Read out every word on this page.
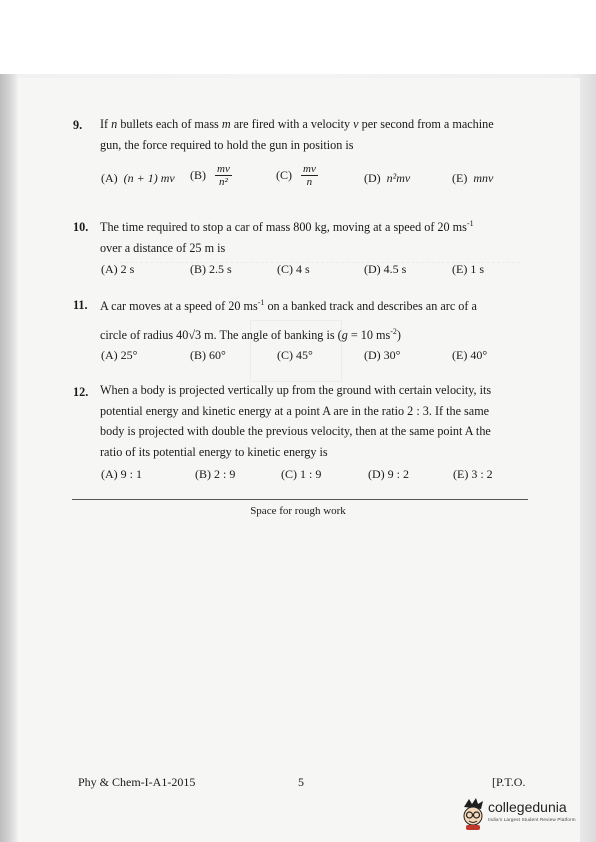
9. If n bullets each of mass m are fired with a velocity v per second from a machine
gun, the force required to hold the gun in position is
(A) (n + 1) mv $(B) \frac{mv}{\text{n²}}$	$(C) \frac{mv}{n}$	(D) n²mv	(E) mnv
10. The time required to stop a car of mass 800 kg, moving at a speed of 20 $ms^{-1}$
over a distance of 25 m is
(A) 2 s	(B) 2.5 s	(C) 4 s	(D) 4.5 s	(E) 1 s
11. A car moves at a speed of 20 $ms^{-1}$ on a banked track and describes an arc of a
circle of radius 40√3 m. The angle of banking is (g = 10 $ms^{-2}$)
(A) 25°	(B) 60°	(C) 45°	(D) 30°	(E) 40°
12. When a body is projected vertically up from the ground with certain velocity, its
potential energy and kinetic energy at a point A are in the ratio 2 : 3. If the same
body is projected with double the previous velocity, then at the same point A the
ratio of its potential energy to kinetic energy is
(A) 9 : 1	(B) 2 : 9	(C) 1 : 9	(D) 9 : 2	(E) 3 : 2
Space for rough work
Phy & Chem-I-A1-2015	5	[P.T.O.
collegedunia
India's Largest Student Review Platform
